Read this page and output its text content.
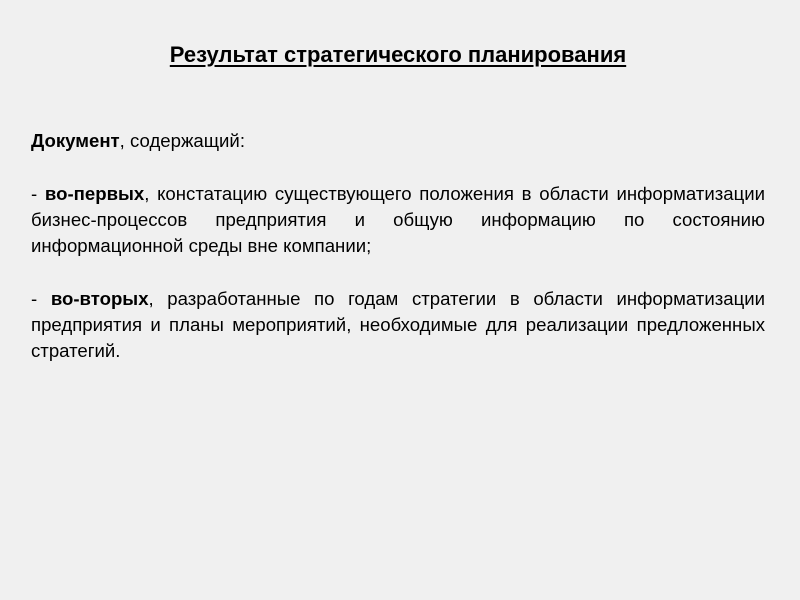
Результат стратегического планирования

Документ, содержащий:

- во-первых, констатацию существующего положения в области информатизации бизнес-процессов предприятия и общую информацию по состоянию информационной среды вне компании;

- во-вторых, разработанные по годам стратегии в области информатизации предприятия и планы мероприятий, необходимые для реализации предложенных стратегий.
